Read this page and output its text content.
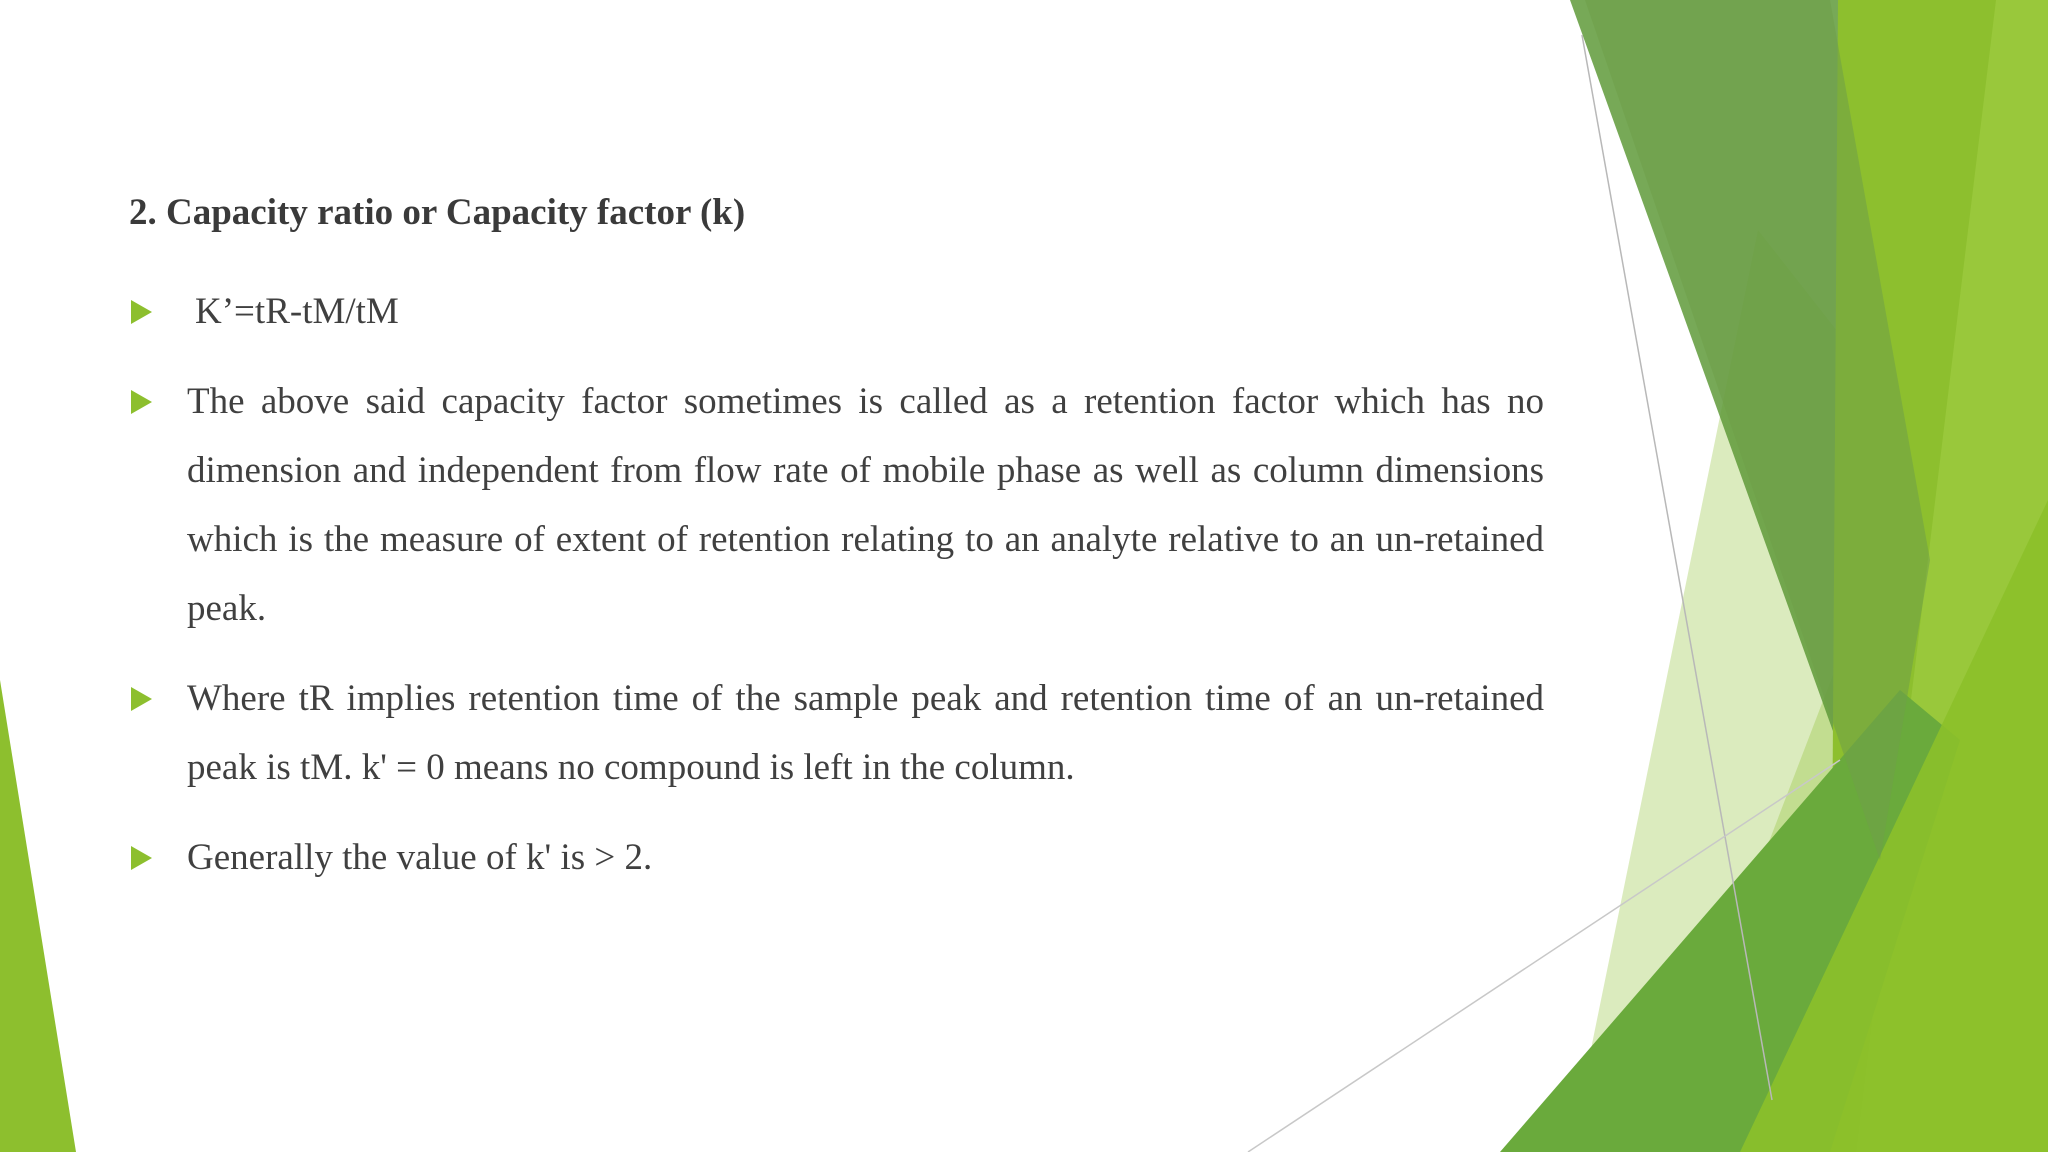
2. Capacity ratio or Capacity factor (k)
K’=tR-tM/tM
The above said capacity factor sometimes is called as a retention factor which has no dimension and independent from flow rate of mobile phase as well as column dimensions which is the measure of extent of retention relating to an analyte relative to an un-retained peak.
Where tR implies retention time of the sample peak and retention time of an un-retained peak is tM. k' = 0 means no compound is left in the column.
Generally the value of k' is > 2.
